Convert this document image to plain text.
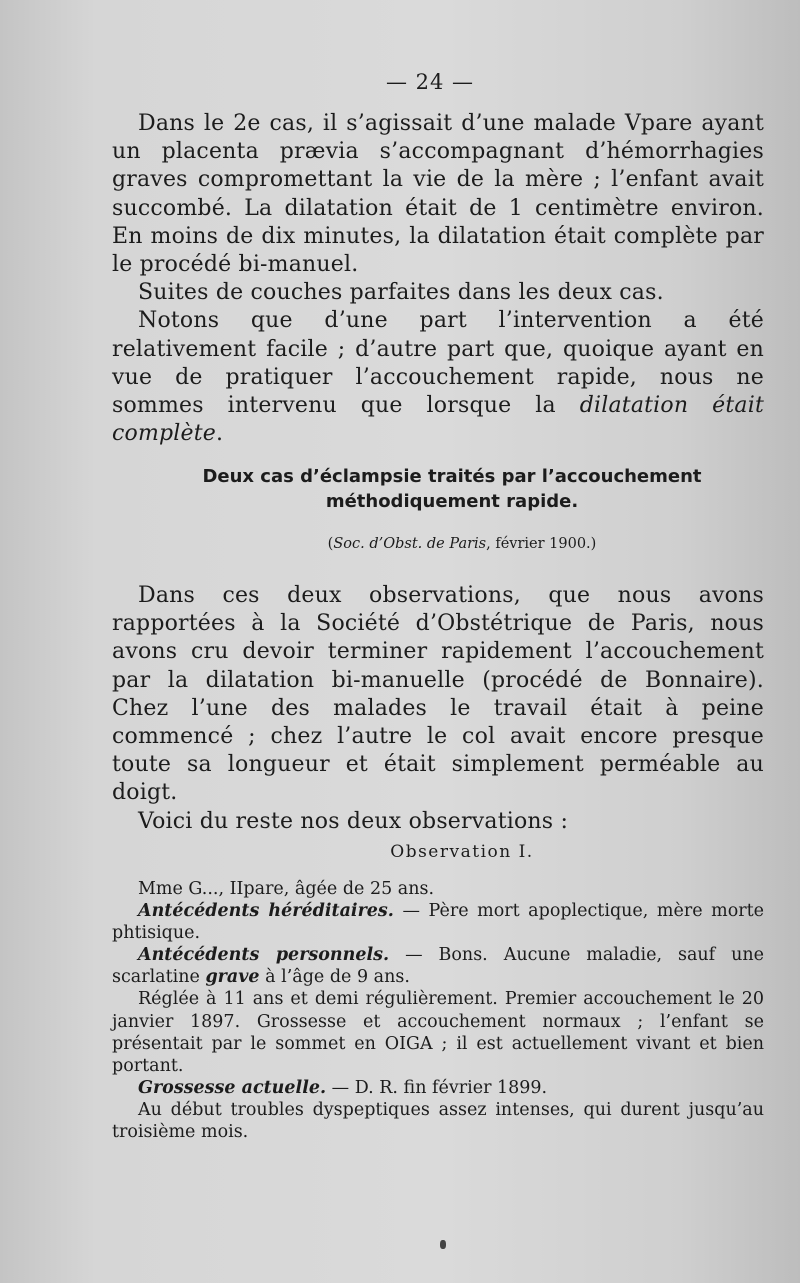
— 24 —

Dans le 2e cas, il s’agissait d’une malade Vpare ayant un placenta prævia s’accompagnant d’hémorrhagies graves compromettant la vie de la mère ; l’enfant avait succombé. La dilatation était de 1 centimètre environ. En moins de dix minutes, la dilatation était complète par le procédé bi-manuel.

Suites de couches parfaites dans les deux cas.

Notons que d’une part l’intervention a été relativement facile ; d’autre part que, quoique ayant en vue de pratiquer l’accouchement rapide, nous ne sommes intervenu que lorsque la dilatation était complète.

Deux cas d’éclampsie traités par l’accouchement
méthodiquement rapide.
(Soc. d’Obst. de Paris, février 1900.)

Dans ces deux observations, que nous avons rapportées à la Société d’Obstétrique de Paris, nous avons cru devoir terminer rapidement l’accouchement par la dilatation bi-manuelle (procédé de Bonnaire). Chez l’une des malades le travail était à peine commencé ; chez l’autre le col avait encore presque toute sa longueur et était simplement perméable au doigt.

Voici du reste nos deux observations :

Observation I.

Mme G..., IIpare, âgée de 25 ans.

Antécédents héréditaires. — Père mort apoplectique, mère morte phtisique.

Antécédents personnels. — Bons. Aucune maladie, sauf une scarlatine grave à l’âge de 9 ans.

Réglée à 11 ans et demi régulièrement. Premier accouchement le 20 janvier 1897. Grossesse et accouchement normaux ; l’enfant se présentait par le sommet en OIGA ; il est actuellement vivant et bien portant.

Grossesse actuelle. — D. R. fin février 1899.

Au début troubles dyspeptiques assez intenses, qui durent jusqu’au troisième mois.
